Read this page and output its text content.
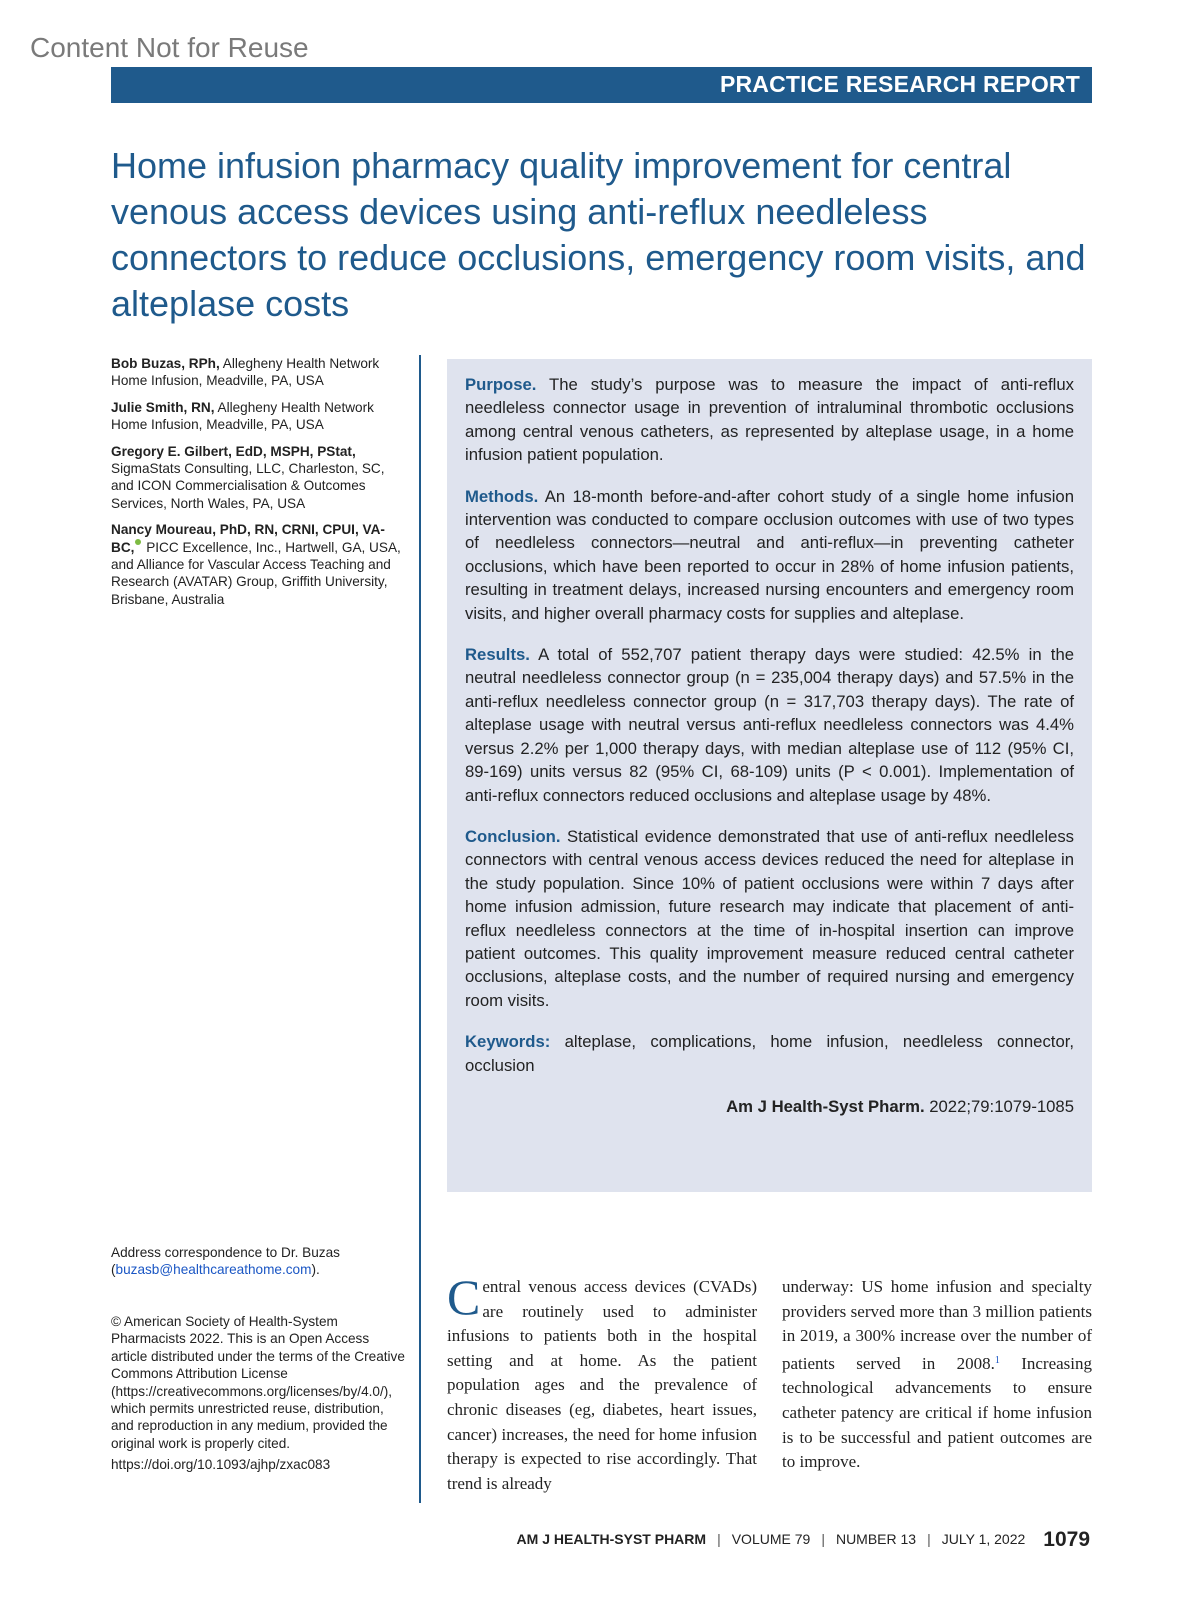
Content Not for Reuse
PRACTICE RESEARCH REPORT
Home infusion pharmacy quality improvement for central venous access devices using anti-reflux needleless connectors to reduce occlusions, emergency room visits, and alteplase costs

Bob Buzas, RPh, Allegheny Health Network Home Infusion, Meadville, PA, USA

Julie Smith, RN, Allegheny Health Network Home Infusion, Meadville, PA, USA

Gregory E. Gilbert, EdD, MSPH, PStat, SigmaStats Consulting, LLC, Charleston, SC, and ICON Commercialisation & Outcomes Services, North Wales, PA, USA

Nancy Moureau, PhD, RN, CRNI, CPUI, VA-BC, PICC Excellence, Inc., Hartwell, GA, USA, and Alliance for Vascular Access Teaching and Research (AVATAR) Group, Griffith University, Brisbane, Australia

Purpose. The study’s purpose was to measure the impact of anti-reflux needleless connector usage in prevention of intraluminal thrombotic occlusions among central venous catheters, as represented by alteplase usage, in a home infusion patient population.

Methods. An 18-month before-and-after cohort study of a single home infusion intervention was conducted to compare occlusion outcomes with use of two types of needleless connectors—neutral and anti-reflux—in preventing catheter occlusions, which have been reported to occur in 28% of home infusion patients, resulting in treatment delays, increased nursing encounters and emergency room visits, and higher overall pharmacy costs for supplies and alteplase.

Results. A total of 552,707 patient therapy days were studied: 42.5% in the neutral needleless connector group (n = 235,004 therapy days) and 57.5% in the anti-reflux needleless connector group (n = 317,703 therapy days). The rate of alteplase usage with neutral versus anti-reflux needleless connectors was 4.4% versus 2.2% per 1,000 therapy days, with median alteplase use of 112 (95% CI, 89-169) units versus 82 (95% CI, 68-109) units (P < 0.001). Implementation of anti-reflux connectors reduced occlusions and alteplase usage by 48%.

Conclusion. Statistical evidence demonstrated that use of anti-reflux needleless connectors with central venous access devices reduced the need for alteplase in the study population. Since 10% of patient occlusions were within 7 days after home infusion admission, future research may indicate that placement of anti-reflux needleless connectors at the time of in-hospital insertion can improve patient outcomes. This quality improvement measure reduced central catheter occlusions, alteplase costs, and the number of required nursing and emergency room visits.

Keywords: alteplase, complications, home infusion, needleless connector, occlusion

Am J Health-Syst Pharm. 2022;79:1079-1085

Address correspondence to Dr. Buzas (buzasb@healthcareathome.com).

© American Society of Health-System Pharmacists 2022. This is an Open Access article distributed under the terms of the Creative Commons Attribution License (https://creativecommons.org/licenses/by/4.0/), which permits unrestricted reuse, distribution, and reproduction in any medium, provided the original work is properly cited.

https://doi.org/10.1093/ajhp/zxac083

Central venous access devices (CVADs) are routinely used to administer infusions to patients both in the hospital setting and at home. As the patient population ages and the prevalence of chronic diseases (eg, diabetes, heart issues, cancer) increases, the need for home infusion therapy is expected to rise accordingly. That trend is already
underway: US home infusion and specialty providers served more than 3 million patients in 2019, a 300% increase over the number of patients served in 2008.$^1$ Increasing technological advancements to ensure catheter patency are critical if home infusion is to be successful and patient outcomes are to improve.
AM J HEALTH-SYST PHARM | VOLUME 79 | NUMBER 13 | JULY 1, 2022 1079
